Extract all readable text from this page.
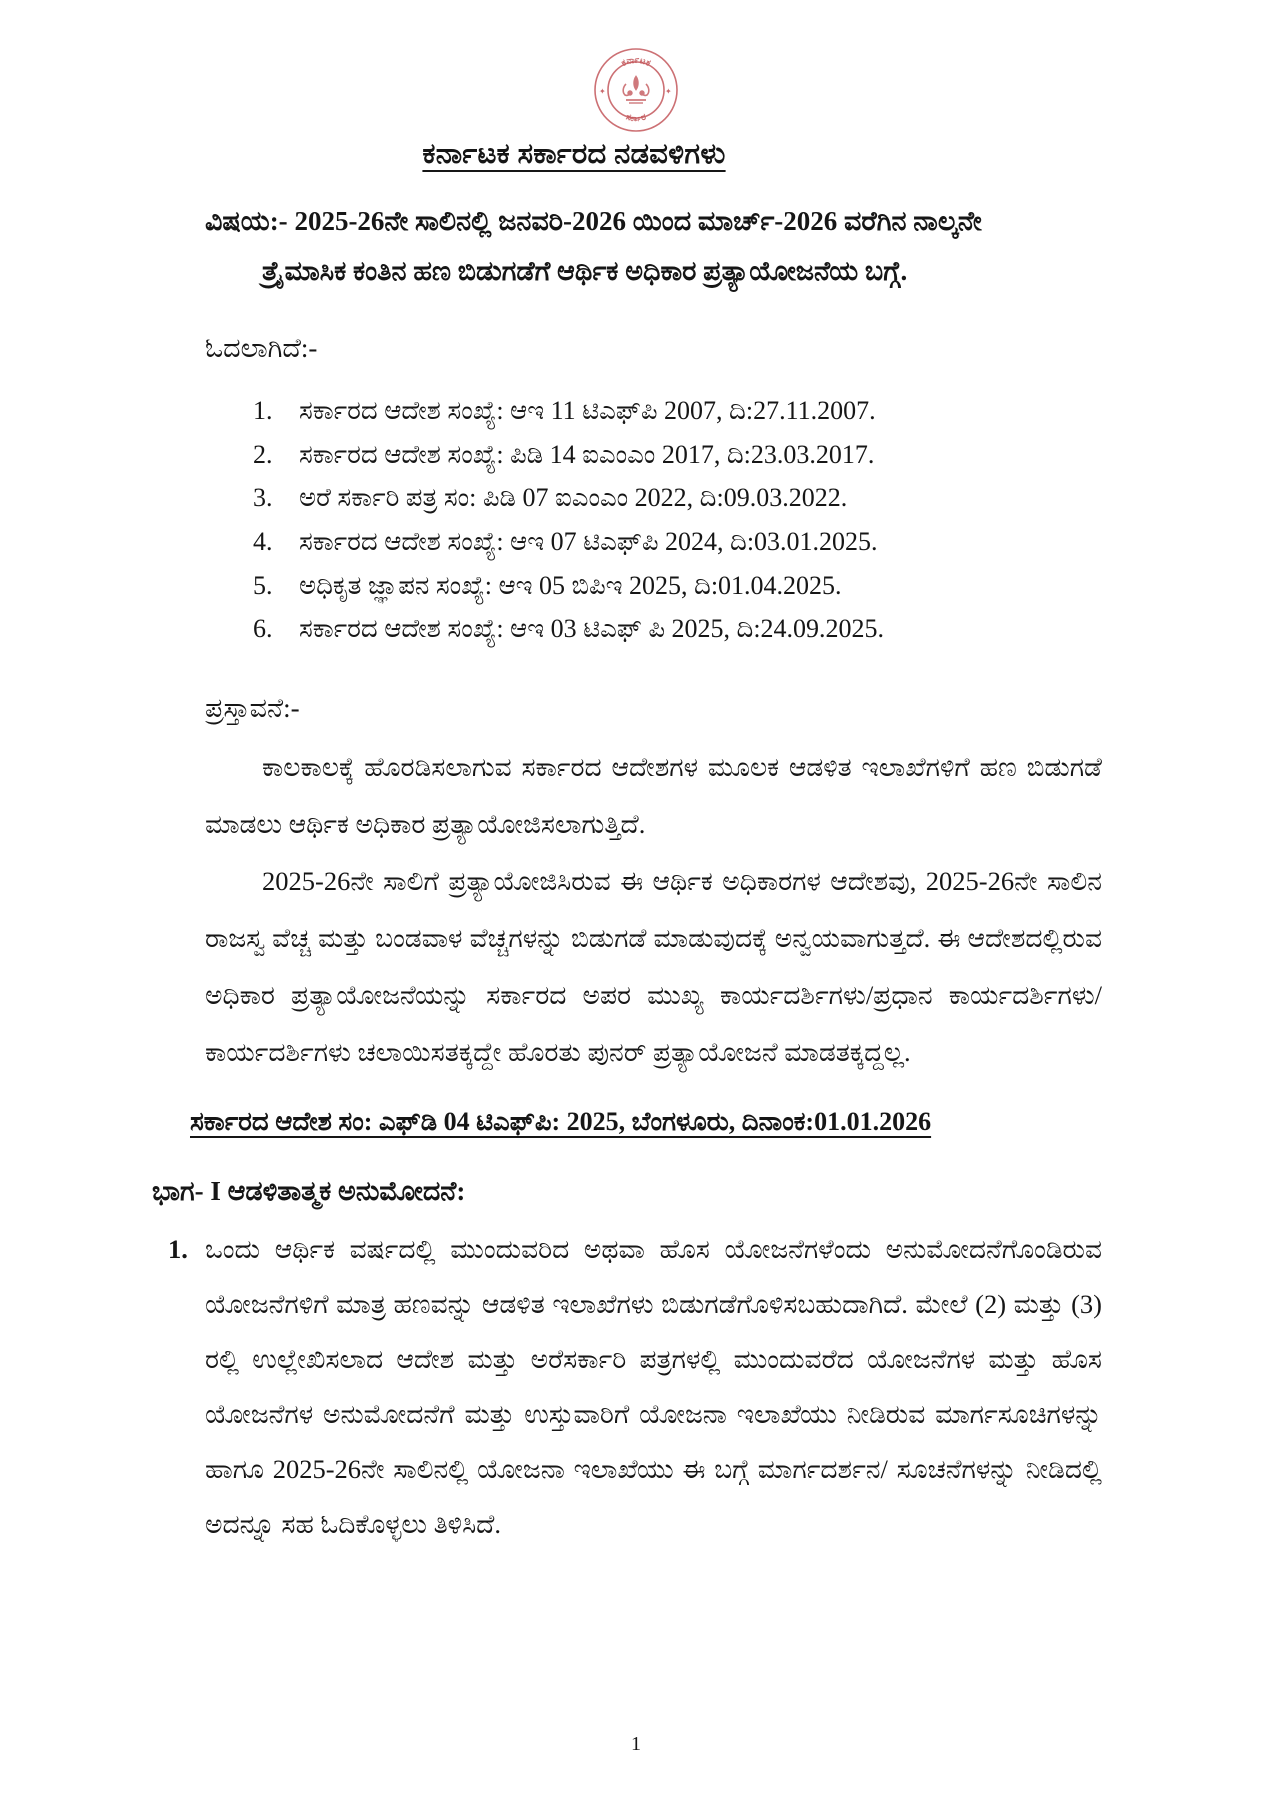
ಕರ್ನಾಟಕ
ಸರ್ಕಾರ
✦	✦
ಕರ್ನಾಟಕ ಸರ್ಕಾರದ ನಡವಳಿಗಳು
ವಿಷಯ:- 2025-26ನೇ ಸಾಲಿನಲ್ಲಿ ಜನವರಿ-2026 ಯಿಂದ ಮಾರ್ಚ್-2026 ವರೆಗಿನ ನಾಲ್ಕನೇ
ತ್ರೈಮಾಸಿಕ ಕಂತಿನ ಹಣ ಬಿಡುಗಡೆಗೆ ಆರ್ಥಿಕ ಅಧಿಕಾರ ಪ್ರತ್ಯಾಯೋಜನೆಯ ಬಗ್ಗೆ.
ಓದಲಾಗಿದೆ:-
1.	ಸರ್ಕಾರದ ಆದೇಶ ಸಂಖ್ಯೆ: ಆಇ 11 ಟಿಎಫ್‌ಪಿ 2007, ದಿ:27.11.2007.
2.	ಸರ್ಕಾರದ ಆದೇಶ ಸಂಖ್ಯೆ: ಪಿಡಿ 14 ಐಎಂಎಂ 2017, ದಿ:23.03.2017.
3.	ಅರೆ ಸರ್ಕಾರಿ ಪತ್ರ ಸಂ: ಪಿಡಿ 07 ಐಎಂಎಂ 2022, ದಿ:09.03.2022.
4.	ಸರ್ಕಾರದ ಆದೇಶ ಸಂಖ್ಯೆ: ಆಇ 07 ಟಿಎಫ್‌ಪಿ 2024, ದಿ:03.01.2025.
5.	ಅಧಿಕೃತ ಜ್ಞಾಪನ ಸಂಖ್ಯೆ: ಆಇ 05 ಬಿಪಿಇ 2025, ದಿ:01.04.2025.
6.	ಸರ್ಕಾರದ ಆದೇಶ ಸಂಖ್ಯೆ: ಆಇ 03 ಟಿಎಫ್ ಪಿ 2025, ದಿ:24.09.2025.
ಪ್ರಸ್ತಾವನೆ:-
ಕಾಲಕಾಲಕ್ಕೆ ಹೊರಡಿಸಲಾಗುವ ಸರ್ಕಾರದ ಆದೇಶಗಳ ಮೂಲಕ ಆಡಳಿತ ಇಲಾಖೆಗಳಿಗೆ ಹಣ ಬಿಡುಗಡೆ ಮಾಡಲು ಆರ್ಥಿಕ ಅಧಿಕಾರ ಪ್ರತ್ಯಾಯೋಜಿಸಲಾಗುತ್ತಿದೆ.
2025-26ನೇ ಸಾಲಿಗೆ ಪ್ರತ್ಯಾಯೋಜಿಸಿರುವ ಈ ಆರ್ಥಿಕ ಅಧಿಕಾರಗಳ ಆದೇಶವು, 2025-26ನೇ ಸಾಲಿನ ರಾಜಸ್ವ ವೆಚ್ಚ ಮತ್ತು ಬಂಡವಾಳ ವೆಚ್ಚಗಳನ್ನು ಬಿಡುಗಡೆ ಮಾಡುವುದಕ್ಕೆ ಅನ್ವಯವಾಗುತ್ತದೆ. ಈ ಆದೇಶದಲ್ಲಿರುವ ಅಧಿಕಾರ ಪ್ರತ್ಯಾಯೋಜನೆಯನ್ನು ಸರ್ಕಾರದ ಅಪರ ಮುಖ್ಯ ಕಾರ್ಯದರ್ಶಿಗಳು/ಪ್ರಧಾನ ಕಾರ್ಯದರ್ಶಿಗಳು/ ಕಾರ್ಯದರ್ಶಿಗಳು ಚಲಾಯಿಸತಕ್ಕದ್ದೇ ಹೊರತು ಪುನರ್ ಪ್ರತ್ಯಾಯೋಜನೆ ಮಾಡತಕ್ಕದ್ದಲ್ಲ.
ಸರ್ಕಾರದ ಆದೇಶ ಸಂ: ಎಫ್‌ಡಿ 04 ಟಿಎಫ್‌ಪಿ: 2025, ಬೆಂಗಳೂರು, ದಿನಾಂಕ:01.01.2026
ಭಾಗ- I ಆಡಳಿತಾತ್ಮಕ ಅನುಮೋದನೆ:
1. ಒಂದು ಆರ್ಥಿಕ ವರ್ಷದಲ್ಲಿ ಮುಂದುವರಿದ ಅಥವಾ ಹೊಸ ಯೋಜನೆಗಳೆಂದು ಅನುಮೋದನೆಗೊಂಡಿರುವ ಯೋಜನೆಗಳಿಗೆ ಮಾತ್ರ ಹಣವನ್ನು ಆಡಳಿತ ಇಲಾಖೆಗಳು ಬಿಡುಗಡೆಗೊಳಿಸಬಹುದಾಗಿದೆ. ಮೇಲೆ (2) ಮತ್ತು (3) ರಲ್ಲಿ ಉಲ್ಲೇಖಿಸಲಾದ ಆದೇಶ ಮತ್ತು ಅರೆಸರ್ಕಾರಿ ಪತ್ರಗಳಲ್ಲಿ ಮುಂದುವರೆದ ಯೋಜನೆಗಳ ಮತ್ತು ಹೊಸ ಯೋಜನೆಗಳ ಅನುಮೋದನೆಗೆ ಮತ್ತು ಉಸ್ತುವಾರಿಗೆ ಯೋಜನಾ ಇಲಾಖೆಯು ನೀಡಿರುವ ಮಾರ್ಗಸೂಚಿಗಳನ್ನು ಹಾಗೂ 2025-26ನೇ ಸಾಲಿನಲ್ಲಿ ಯೋಜನಾ ಇಲಾಖೆಯು ಈ ಬಗ್ಗೆ ಮಾರ್ಗದರ್ಶನ/ ಸೂಚನೆಗಳನ್ನು ನೀಡಿದಲ್ಲಿ ಅದನ್ನೂ ಸಹ ಓದಿಕೊಳ್ಳಲು ತಿಳಿಸಿದೆ.
1
